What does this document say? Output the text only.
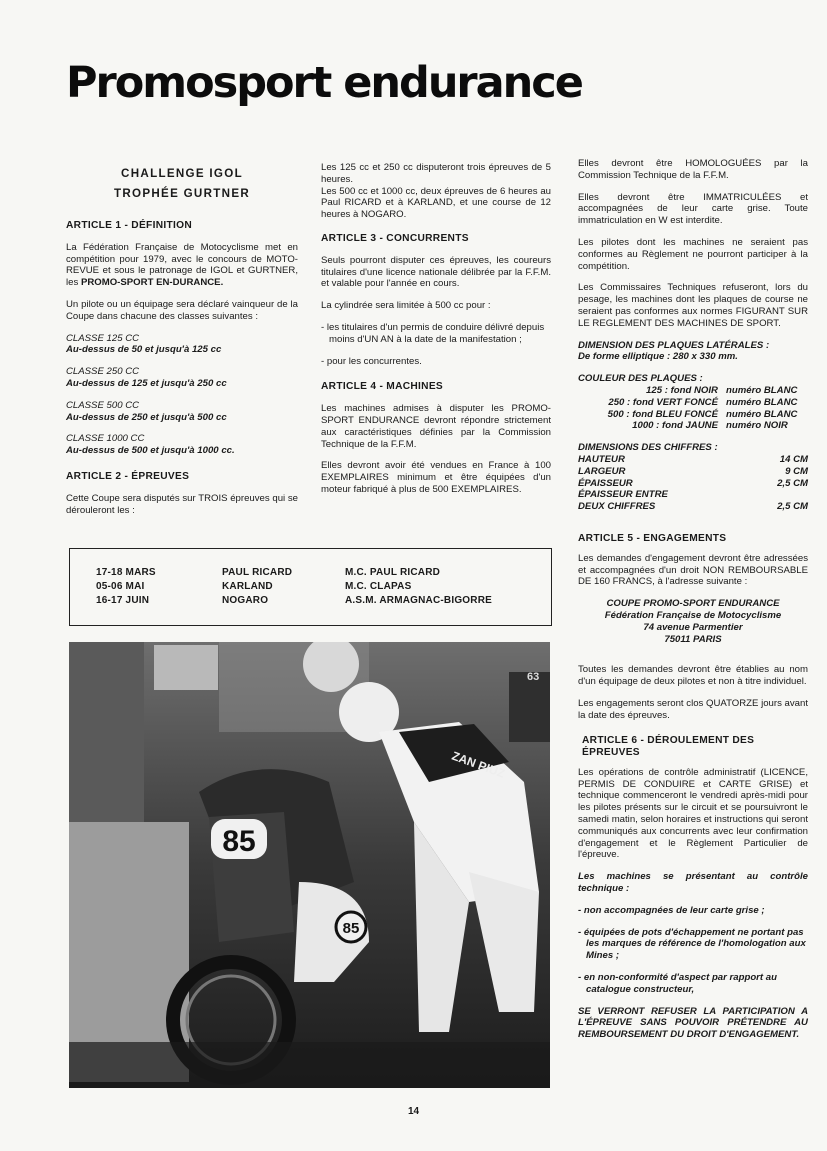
Promosport endurance
CHALLENGE IGOL
TROPHÉE GURTNER
ARTICLE 1 - DÉFINITION
La Fédération Française de Motocyclisme met en compétition pour 1979, avec le concours de MOTO-REVUE et sous le patronage de IGOL et GURTNER, les PROMO-SPORT EN-DURANCE.
Un pilote ou un équipage sera déclaré vainqueur de la Coupe dans chacune des classes suivantes :
CLASSE 125 CC
Au-dessus de 50 et jusqu'à 125 cc
CLASSE 250 CC
Au-dessus de 125 et jusqu'à 250 cc
CLASSE 500 CC
Au-dessus de 250 et jusqu'à 500 cc
CLASSE 1000 CC
Au-dessus de 500 et jusqu'à 1000 cc.
ARTICLE 2 - ÉPREUVES
Cette Coupe sera disputés sur TROIS épreuves qui se dérouleront les :
Les 125 cc et 250 cc disputeront trois épreuves de 5 heures.
Les 500 cc et 1000 cc, deux épreuves de 6 heures au Paul RICARD et à KARLAND, et une course de 12 heures à NOGARO.
ARTICLE 3 - CONCURRENTS
Seuls pourront disputer ces épreuves, les coureurs titulaires d'une licence nationale délibrée par la F.F.M. et valable pour l'année en cours.
La cylindrée sera limitée à 500 cc pour :
- les titulaires d'un permis de conduire délivré depuis moins d'UN AN à la date de la manifestation ;
- pour les concurrentes.
ARTICLE 4 - MACHINES
Les machines admises à disputer les PROMO-SPORT ENDURANCE devront répondre strictement aux caractéristiques définies par la Commission Technique de la F.F.M.
Elles devront avoir été vendues en France à 100 EXEMPLAIRES minimum et être équipées d'un moteur fabriqué à plus de 500 EXEMPLAIRES.
Elles devront être HOMOLOGUÉES par la Commission Technique de la F.F.M.
Elles devront être IMMATRICULÉES et accompagnées de leur carte grise. Toute immatriculation en W est interdite.
Les pilotes dont les machines ne seraient pas conformes au Règlement ne pourront participer à la compétition.
Les Commissaires Techniques refuseront, lors du pesage, les machines dont les plaques de course ne seraient pas conformes aux normes FIGURANT SUR LE REGLEMENT DES MACHINES DE SPORT.
DIMENSION DES PLAQUES LATÉRALES :
De forme elliptique : 280 x 330 mm.
COULEUR DES PLAQUES :
125 : fond NOIR numéro BLANC
250 : fond VERT FONCÉ numéro BLANC
500 : fond BLEU FONCÉ numéro BLANC
1000 : fond JAUNE numéro NOIR
DIMENSIONS DES CHIFFRES :
HAUTEUR	14 CM
LARGEUR	9 CM
ÉPAISSEUR	2,5 CM
ÉPAISSEUR ENTRE
DEUX CHIFFRES	2,5 CM
ARTICLE 5 - ENGAGEMENTS
Les demandes d'engagement devront être adressées et accompagnées d'un droit NON REMBOURSABLE DE 160 FRANCS, à l'adresse suivante :
COUPE PROMO-SPORT ENDURANCE
Fédération Française de Motocyclisme
74 avenue Parmentier
75011 PARIS
Toutes les demandes devront être établies au nom d'un équipage de deux pilotes et non à titre individuel.
Les engagements seront clos QUATORZE jours avant la date des épreuves.
ARTICLE 6 - DÉROULEMENT DES ÉPREUVES
Les opérations de contrôle administratif (LICENCE, PERMIS DE CONDUIRE et CARTE GRISE) et technique commenceront le vendredi après-midi pour les pilotes présents sur le circuit et se poursuivront le samedi matin, selon horaires et instructions qui seront communiqués aux concurrents avec leur confirmation d'engagement et le Règlement Particulier de l'épreuve.
Les machines se présentant au contrôle technique :
- non accompagnées de leur carte grise ;
- équipées de pots d'échappement ne portant pas les marques de référence de l'homologation aux Mines ;
- en non-conformité d'aspect par rapport au catalogue constructeur,
SE VERRONT REFUSER LA PARTICIPATION A L'ÉPREUVE SANS POUVOIR PRÉTENDRE AU REMBOURSEMENT DU DROIT D'ENGAGEMENT.
17-18 MARS	PAUL RICARD	M.C. PAUL RICARD
05-06 MAI	KARLAND	M.C. CLAPAS
16-17 JUIN	NOGARO	A.S.M. ARMAGNAC-BIGORRE
85
85
ZAN PIUZ
63
14
